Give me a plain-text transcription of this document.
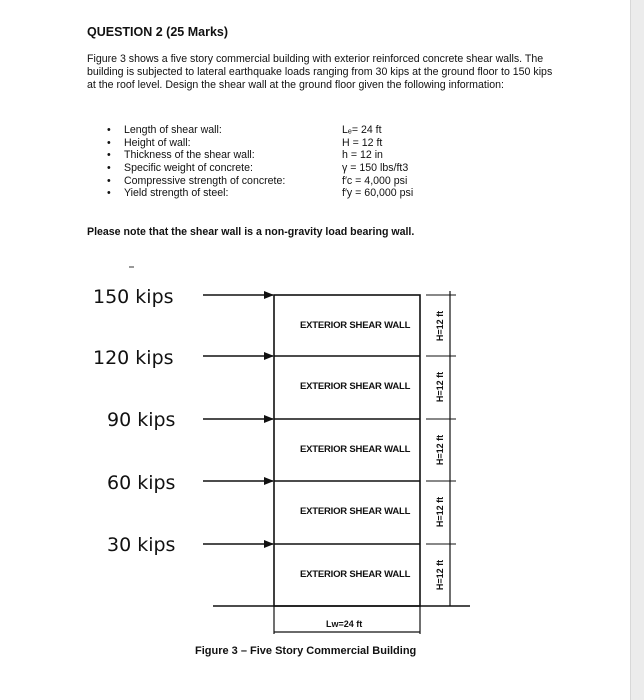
QUESTION 2 (25 Marks)
Figure 3 shows a five story commercial building with exterior reinforced concrete shear walls. The building is subjected to lateral earthquake loads ranging from 30 kips at the ground floor to 150 kips at the roof level. Design the shear wall at the ground floor given the following information:
• Length of shear wall:	Lₑ= 24 ft
• Height of wall:	H = 12 ft
• Thickness of the shear wall:	h = 12 in
• Specific weight of concrete:	γ = 150 lbs/ft3
• Compressive strength of concrete:	f′c = 4,000 psi
• Yield strength of steel:	f′y = 60,000 psi
Please note that the shear wall is a non-gravity load bearing wall.
150 kips
120 kips
90 kips
60 kips
30 kips
EXTERIOR SHEAR WALL
EXTERIOR SHEAR WALL
EXTERIOR SHEAR WALL
EXTERIOR SHEAR WALL
EXTERIOR SHEAR WALL
H=12 ft
H=12 ft
H=12 ft
H=12 ft
H=12 ft
Lw=24 ft
Figure 3 – Five Story Commercial Building
